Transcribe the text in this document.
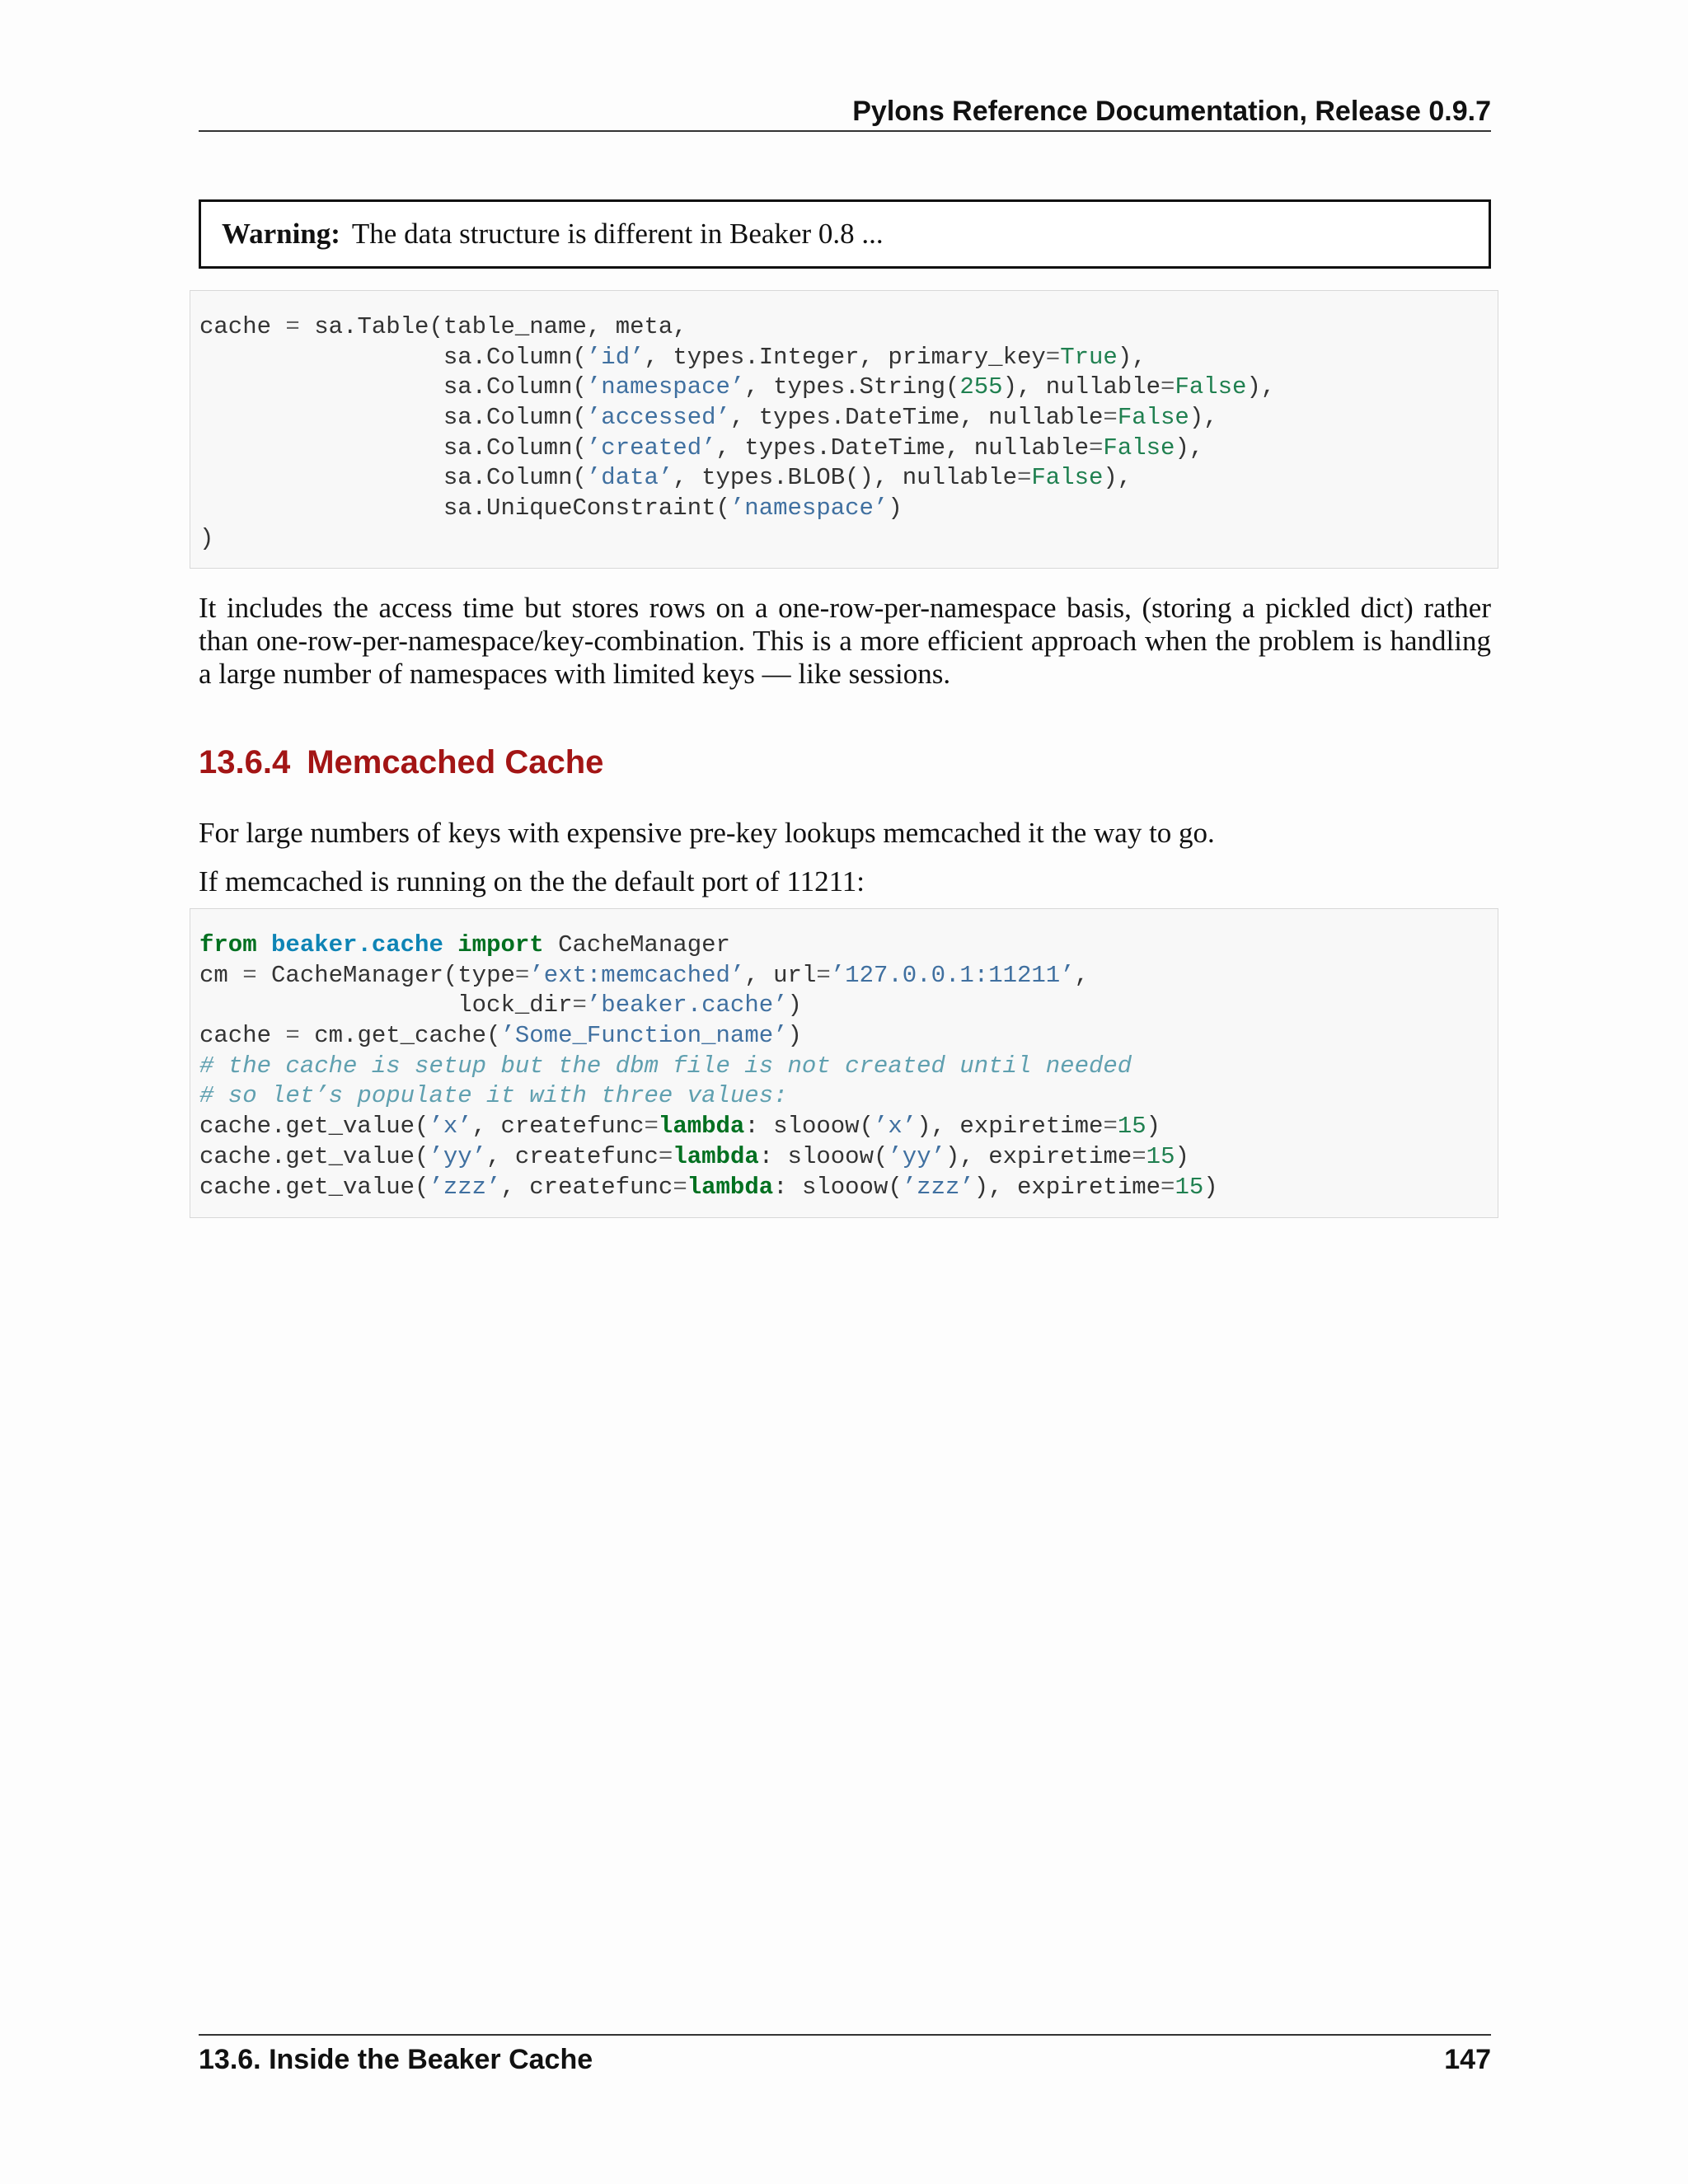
Pylons Reference Documentation, Release 0.9.7
Warning: The data structure is different in Beaker 0.8 ...
cache = sa.Table(table_name, meta,
sa.Column(’id’, types.Integer, primary_key=True),
sa.Column(’namespace’, types.String(255), nullable=False),
sa.Column(’accessed’, types.DateTime, nullable=False),
sa.Column(’created’, types.DateTime, nullable=False),
sa.Column(’data’, types.BLOB(), nullable=False),
sa.UniqueConstraint(’namespace’)
)

It includes the access time but stores rows on a one-row-per-namespace basis, (storing a pickled dict) rather than one-row-per-namespace/key-combination. This is a more efficient approach when the problem is handling a large number of namespaces with limited keys — like sessions.

13.6.4 Memcached Cache

For large numbers of keys with expensive pre-key lookups memcached it the way to go.

If memcached is running on the the default port of 11211:

from beaker.cache import CacheManager
cm = CacheManager(type=’ext:memcached’, url=’127.0.0.1:11211’,
lock_dir=’beaker.cache’)
cache = cm.get_cache(’Some_Function_name’)
# the cache is setup but the dbm file is not created until needed
# so let’s populate it with three values:
cache.get_value(’x’, createfunc=lambda: slooow(’x’), expiretime=15)
cache.get_value(’yy’, createfunc=lambda: slooow(’yy’), expiretime=15)
cache.get_value(’zzz’, createfunc=lambda: slooow(’zzz’), expiretime=15)
13.6. Inside the Beaker Cache	147
